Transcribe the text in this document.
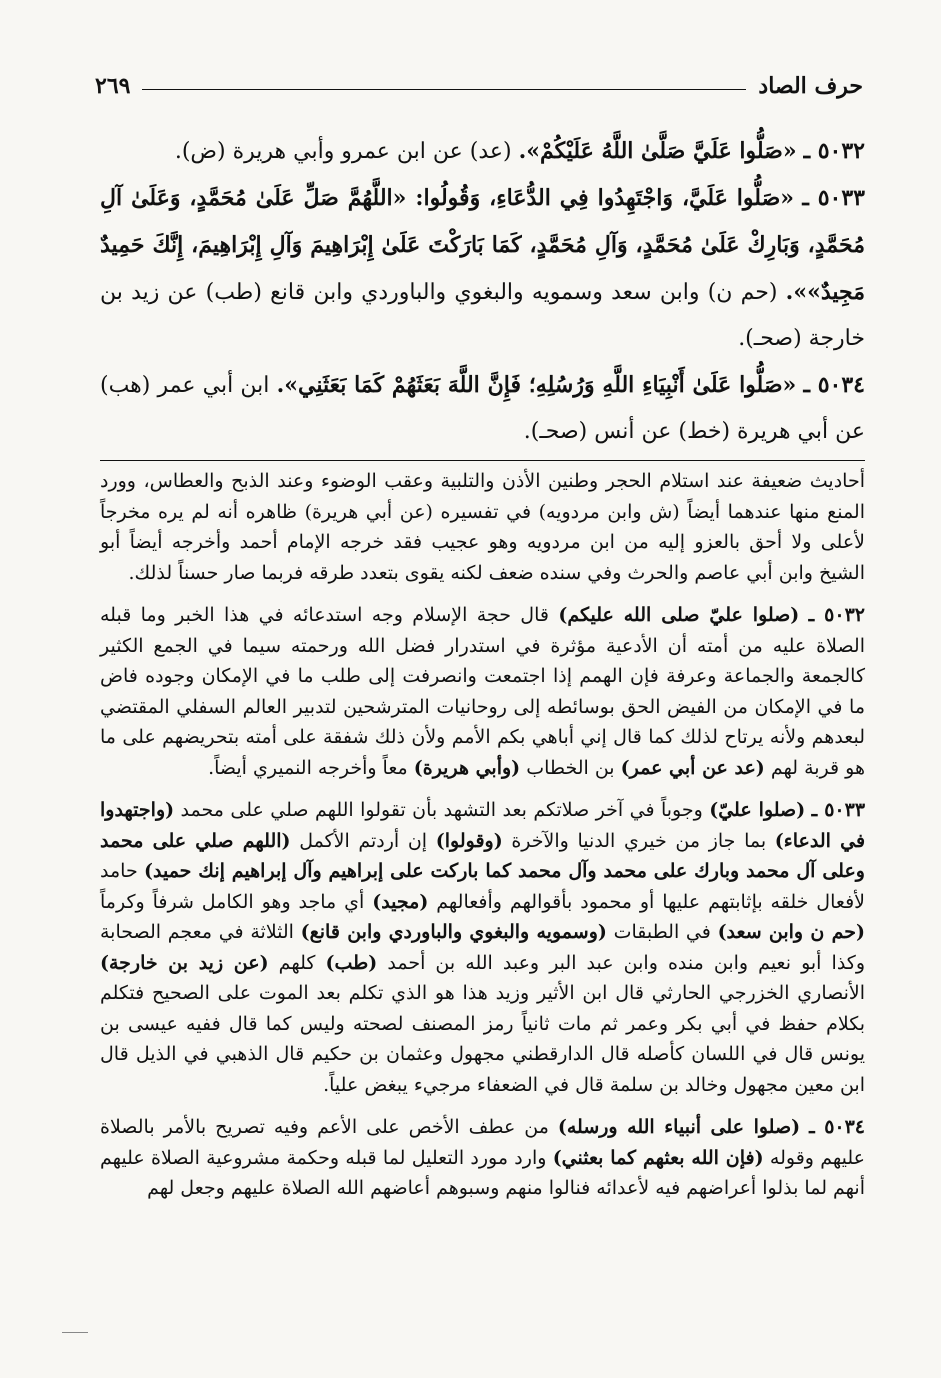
٢٦٩	حرف الصاد

٥٠٣٢ ـ «صَلُّوا عَلَيَّ صَلَّىٰ اللَّهُ عَلَيْكُمْ». (عد) عن ابن عمرو وأبي هريرة (ض).

٥٠٣٣ ـ «صَلُّوا عَلَيَّ، وَاجْتَهِدُوا فِي الدُّعَاءِ، وَقُولُوا: «اللَّهُمَّ صَلِّ عَلَىٰ مُحَمَّدٍ، وَعَلَىٰ آلِ مُحَمَّدٍ، وَبَارِكْ عَلَىٰ مُحَمَّدٍ، وَآلِ مُحَمَّدٍ، كَمَا بَارَكْتَ عَلَىٰ إِبْرَاهِيمَ وَآلِ إِبْرَاهِيمَ، إِنَّكَ حَمِيدٌ مَجِيدٌ»». (حم ن) وابن سعد وسمويه والبغوي والباوردي وابن قانع (طب) عن زيد بن خارجة (صحـ).

٥٠٣٤ ـ «صَلُّوا عَلَىٰ أَنْبِيَاءِ اللَّهِ وَرُسُلِهِ؛ فَإِنَّ اللَّهَ بَعَثَهُمْ كَمَا بَعَثَنِي». ابن أبي عمر (هب) عن أبي هريرة (خط) عن أنس (صحـ).

أحاديث ضعيفة عند استلام الحجر وطنين الأذن والتلبية وعقب الوضوء وعند الذبح والعطاس، وورد المنع منها عندهما أيضاً (ش وابن مردويه) في تفسيره (عن أبي هريرة) ظاهره أنه لم يره مخرجاً لأعلى ولا أحق بالعزو إليه من ابن مردويه وهو عجيب فقد خرجه الإمام أحمد وأخرجه أيضاً أبو الشيخ وابن أبي عاصم والحرث وفي سنده ضعف لكنه يقوى بتعدد طرقه فربما صار حسناً لذلك.

٥٠٣٢ ـ (صلوا عليّ صلى الله عليكم) قال حجة الإسلام وجه استدعائه في هذا الخبر وما قبله الصلاة عليه من أمته أن الأدعية مؤثرة في استدرار فضل الله ورحمته سيما في الجمع الكثير كالجمعة والجماعة وعرفة فإن الهمم إذا اجتمعت وانصرفت إلى طلب ما في الإمكان وجوده فاض ما في الإمكان من الفيض الحق بوسائطه إلى روحانيات المترشحين لتدبير العالم السفلي المقتضي لبعدهم ولأنه يرتاح لذلك كما قال إني أباهي بكم الأمم ولأن ذلك شفقة على أمته بتحريضهم على ما هو قربة لهم (عد عن أبي عمر) بن الخطاب (وأبي هريرة) معاً وأخرجه النميري أيضاً.

٥٠٣٣ ـ (صلوا عليّ) وجوباً في آخر صلاتكم بعد التشهد بأن تقولوا اللهم صلي على محمد (واجتهدوا في الدعاء) بما جاز من خيري الدنيا والآخرة (وقولوا) إن أردتم الأكمل (اللهم صلي على محمد وعلى آل محمد وبارك على محمد وآل محمد كما باركت على إبراهيم وآل إبراهيم إنك حميد) حامد لأفعال خلقه بإثابتهم عليها أو محمود بأقوالهم وأفعالهم (مجيد) أي ماجد وهو الكامل شرفاً وكرماً (حم ن وابن سعد) في الطبقات (وسمويه والبغوي والباوردي وابن قانع) الثلاثة في معجم الصحابة وكذا أبو نعيم وابن منده وابن عبد البر وعبد الله بن أحمد (طب) كلهم (عن زيد بن خارجة) الأنصاري الخزرجي الحارثي قال ابن الأثير وزيد هذا هو الذي تكلم بعد الموت على الصحيح فتكلم بكلام حفظ في أبي بكر وعمر ثم مات ثانياً رمز المصنف لصحته وليس كما قال ففيه عيسى بن يونس قال في اللسان كأصله قال الدارقطني مجهول وعثمان بن حكيم قال الذهبي في الذيل قال ابن معين مجهول وخالد بن سلمة قال في الضعفاء مرجيء يبغض علياً.

٥٠٣٤ ـ (صلوا على أنبياء الله ورسله) من عطف الأخص على الأعم وفيه تصريح بالأمر بالصلاة عليهم وقوله (فإن الله بعثهم كما بعثني) وارد مورد التعليل لما قبله وحكمة مشروعية الصلاة عليهم أنهم لما بذلوا أعراضهم فيه لأعدائه فنالوا منهم وسبوهم أعاضهم الله الصلاة عليهم وجعل لهم
